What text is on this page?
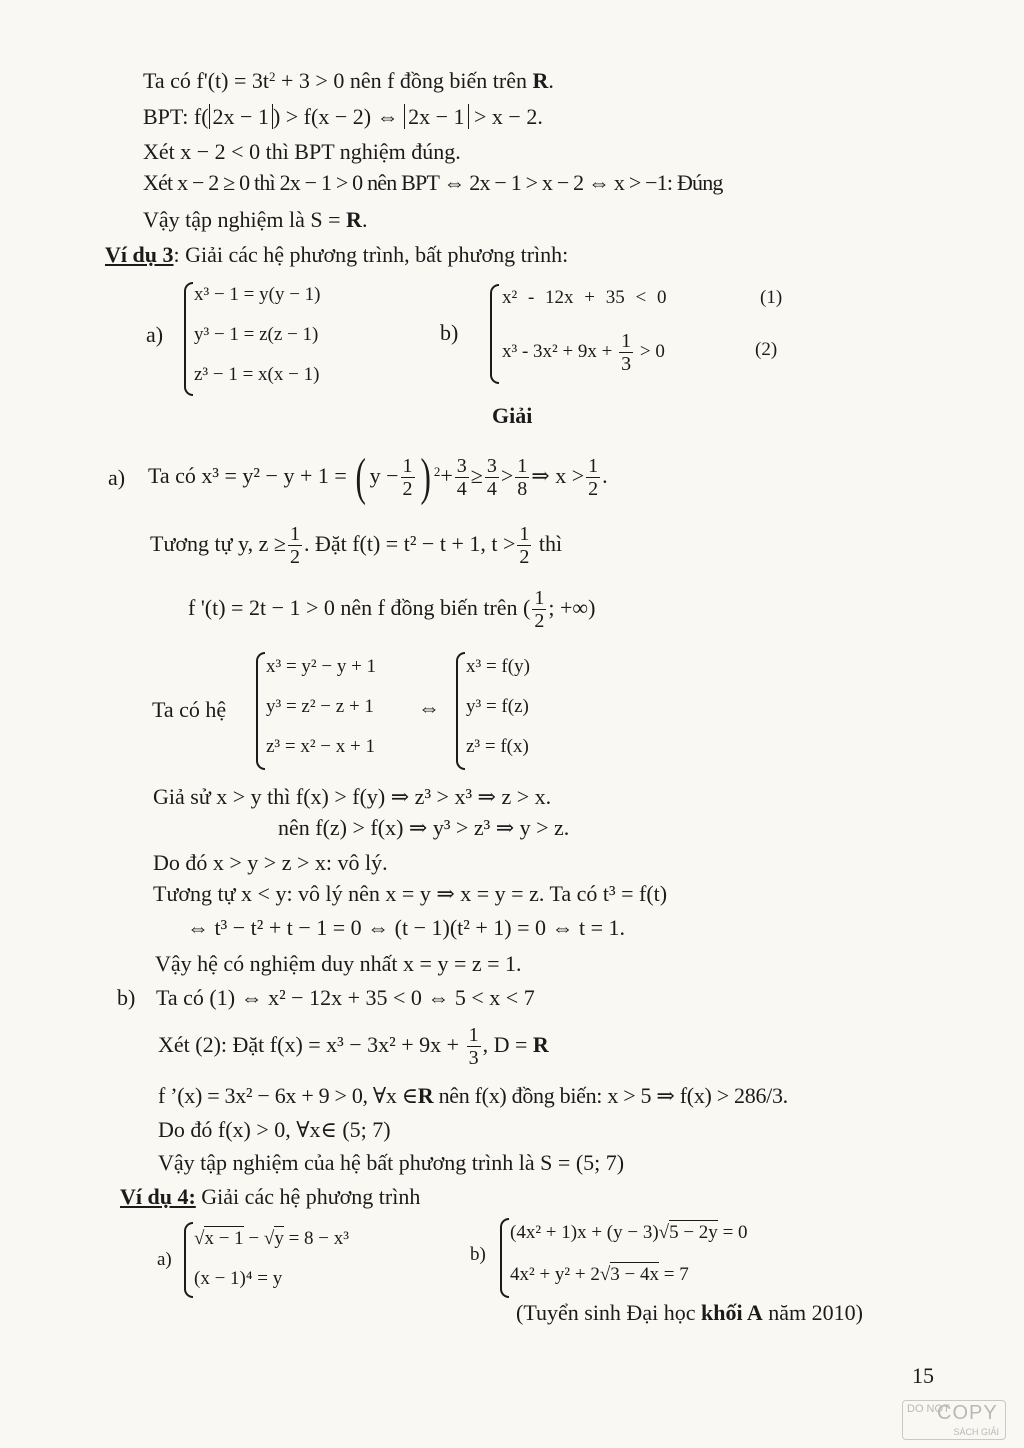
Ta có $f'(t) = 3t^2 + 3 > 0$ nên f đồng biến trên R.
BPT: f( 2x − 1 ) > f(x − 2) ⇔ 2x − 1 > x − 2.
Xét x − 2 < 0 thì BPT nghiệm đúng.
Xét x − 2 ≥ 0 thì 2x − 1 > 0 nên BPT ⇔ 2x − 1 > x − 2 ⇔ x > −1: Đúng
Vậy tập nghiệm là S = R.
Ví dụ 3: Giải các hệ phương trình, bất phương trình:
a)
x³ − 1 = y(y − 1)
y³ − 1 = z(z − 1)
z³ − 1 = x(x − 1)
b)
x² - 12x + 35 < 0	(1)
$x^3 - 3x^2 + 9x + \frac{1}{3} > 0$	(2)
Giải
a) Ta có x³ = y² − y + 1 = ( $y - \frac{1}{2}$ ) $^2+ \frac{3}{4} \ge \frac{3}{4} > \frac{1}{8}$ ⇒ $x > \frac{1}{2}$ .
Tương tự y, $z \ge \frac{1}{2}$ . Đặt f(t) = t² − t + 1, $t > \frac{1}{2}$ thì
f '(t) = 2t − 1 > 0 nên f đồng biến trên ( $\frac{1}{2}$ ; +∞)
Ta có hệ
x³ = y² − y + 1
y³ = z² − z + 1
z³ = x² − x + 1
⇔
x³ = f(y)
y³ = f(z)
z³ = f(x)
Giả sử x > y thì f(x) > f(y) ⇒ z³ > x³ ⇒ z > x.
nên f(z) > f(x) ⇒ y³ > z³ ⇒ y > z.
Do đó x > y > z > x: vô lý.
Tương tự x < y: vô lý nên x = y ⇒ x = y = z. Ta có t³ = f(t)
⇔ t³ − t² + t − 1 = 0 ⇔ (t − 1)(t² + 1) = 0 ⇔ t = 1.
Vậy hệ có nghiệm duy nhất x = y = z = 1.
b) Ta có (1) ⇔ x² − 12x + 35 < 0 ⇔ 5 < x < 7
Xét (2): Đặt $f(x) = x^3 - 3x^2 + 9x + \frac{1}{3}$ , D = R
f ’(x) = 3x² − 6x + 9 > 0, ∀x ∈R nên f(x) đồng biến: x > 5 ⇒ f(x) > 286/3.
Do đó f(x) > 0, ∀x∈ (5; 7)
Vậy tập nghiệm của hệ bất phương trình là S = (5; 7)
Ví dụ 4: Giải các hệ phương trình
a)
√x − 1 − √y = 8 − x³
(x − 1)⁴ = y
b)
(4x² + 1)x + (y − 3)√5 − 2y = 0
4x² + y² + 2√3 − 4x = 7
(Tuyển sinh Đại học khối A năm 2010)
15
DO NOT
COPY
SÁCH GIẢI
